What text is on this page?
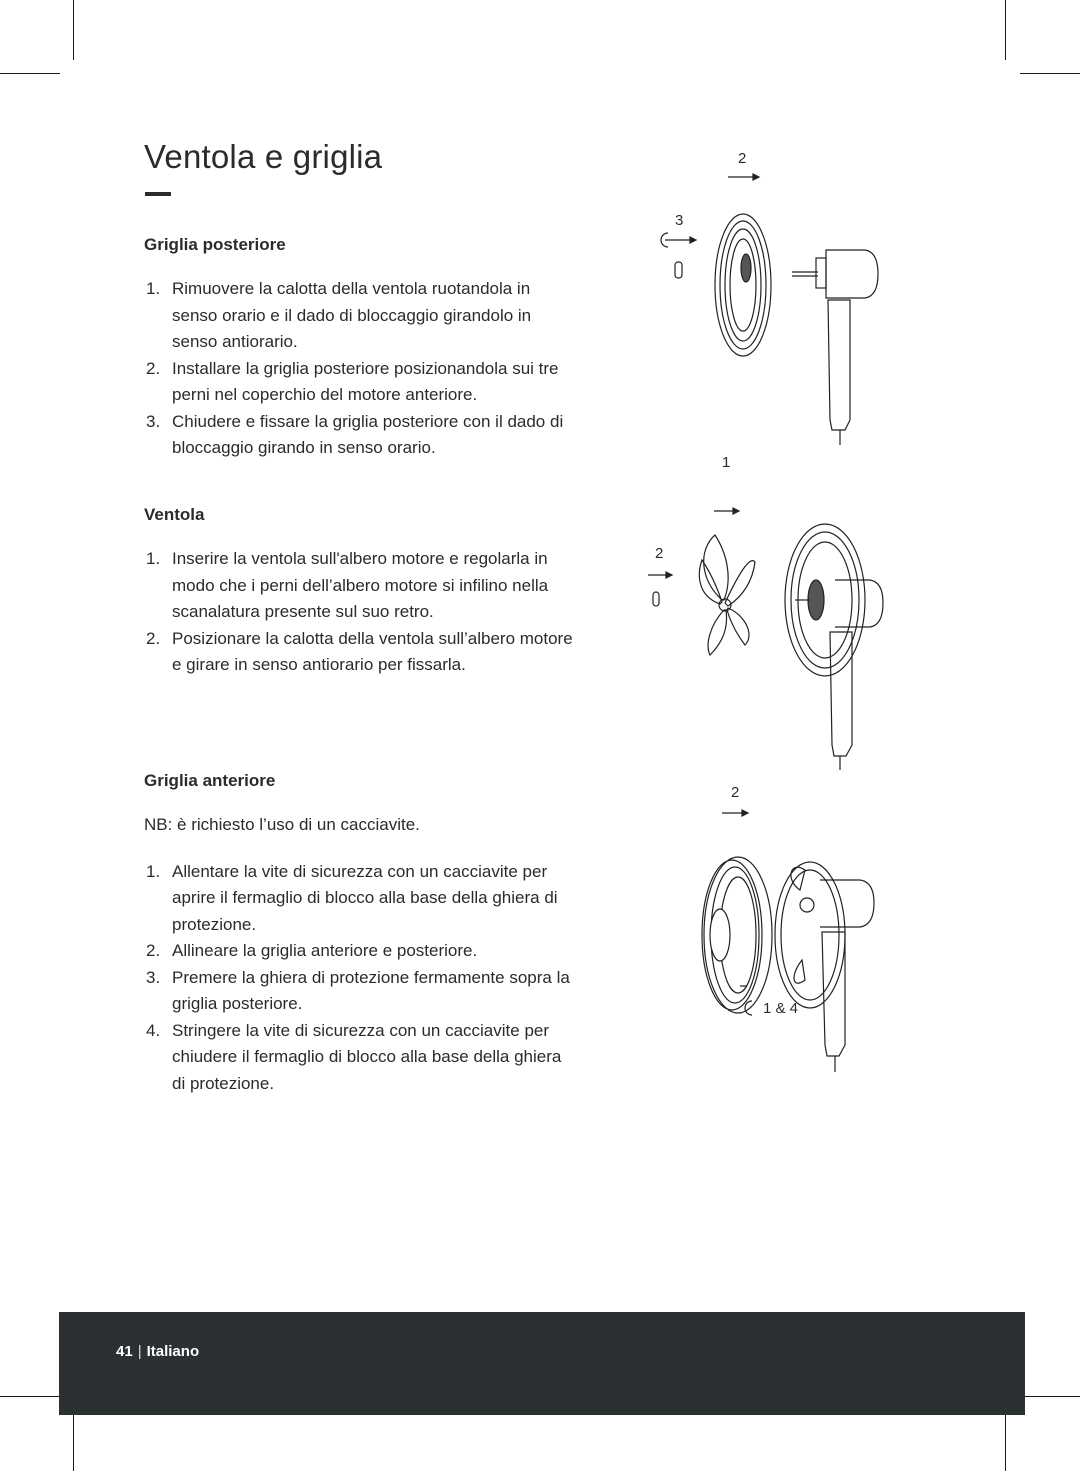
Ventola e griglia
Griglia posteriore
1. Rimuovere la calotta della ventola ruotandola in senso orario e il dado di bloccaggio girandolo in senso antiorario.
2. Installare la griglia posteriore posizionandola sui tre perni nel coperchio del motore anteriore.
3. Chiudere e fissare la griglia posteriore con il dado di bloccaggio girando in senso orario.
Ventola
1. Inserire la ventola sull'albero motore e regolarla in modo che i perni dell’albero motore si infilino nella scanalatura presente sul suo retro.
2. Posizionare la calotta della ventola sull’albero motore e girare in senso antiorario per fissarla.
Griglia anteriore

NB: è richiesto l’uso di un cacciavite.

1. Allentare la vite di sicurezza con un cacciavite per aprire il fermaglio di blocco alla base della ghiera di protezione.
2. Allineare la griglia anteriore e posteriore.
3. Premere la ghiera di protezione fermamente sopra la griglia posteriore.
4. Stringere la vite di sicurezza con un cacciavite per chiudere il fermaglio di blocco alla base della ghiera di protezione.
2
3
1
2
2
1 & 4
41 | Italiano
